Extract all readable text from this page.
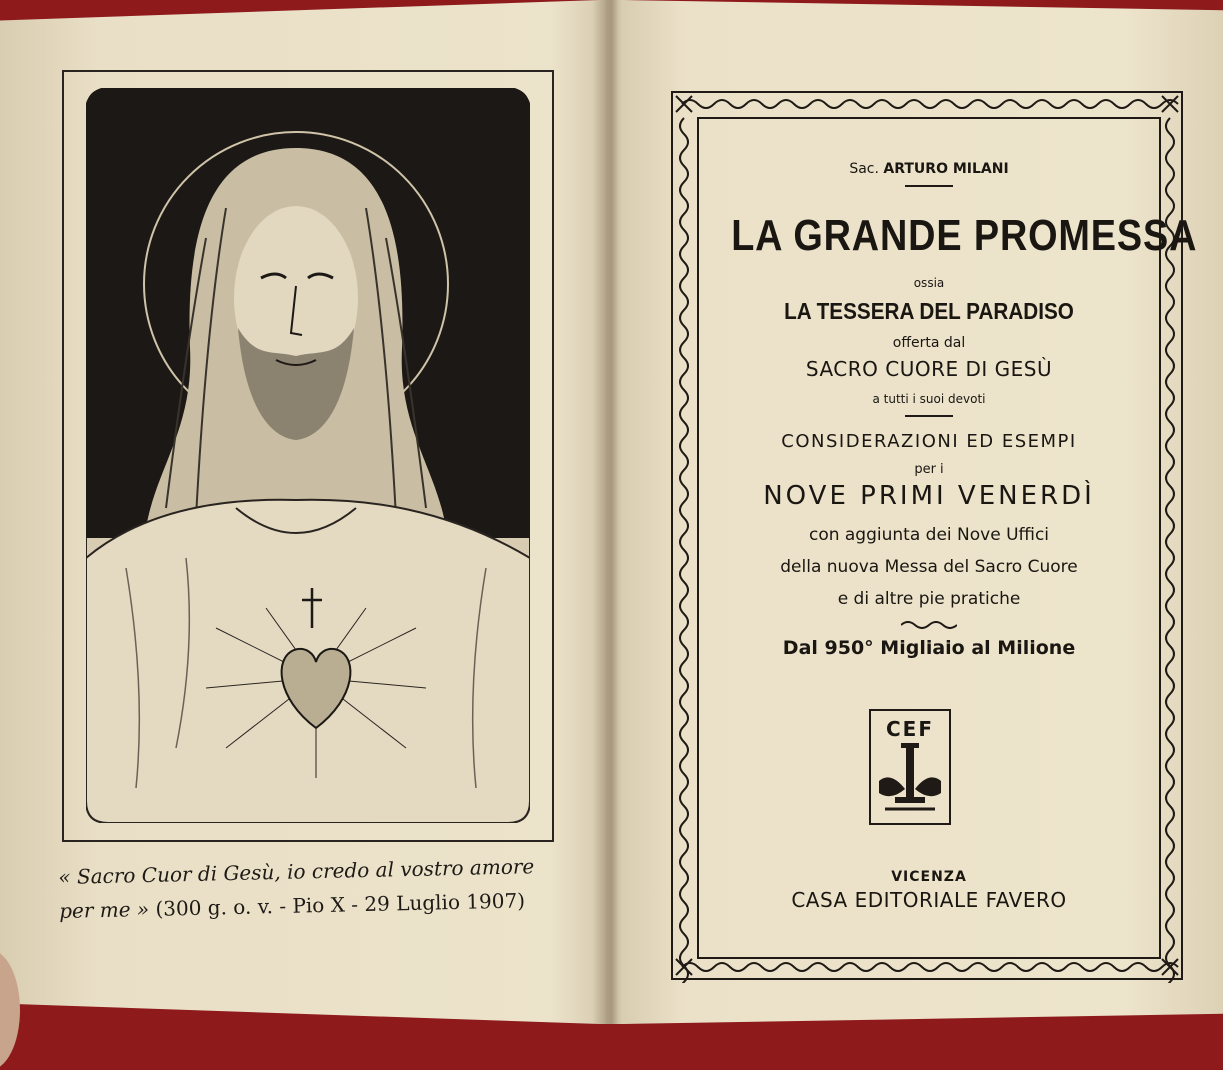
« Sacro Cuor di Gesù, io credo al vostro amore
per me » (300 g. o. v. - Pio X - 29 Luglio 1907)
Sac. ARTURO MILANI
LA GRANDE PROMESSA
ossia
LA TESSERA DEL PARADISO
offerta dal
SACRO CUORE DI GESÙ
a tutti i suoi devoti
CONSIDERAZIONI ED ESEMPI
per i
NOVE PRIMI VENERDÌ
con aggiunta dei Nove Uffici
della nuova Messa del Sacro Cuore
e di altre pie pratiche
Dal 950° Migliaio al Milione
CEF
VICENZA
CASA EDITORIALE FAVERO
